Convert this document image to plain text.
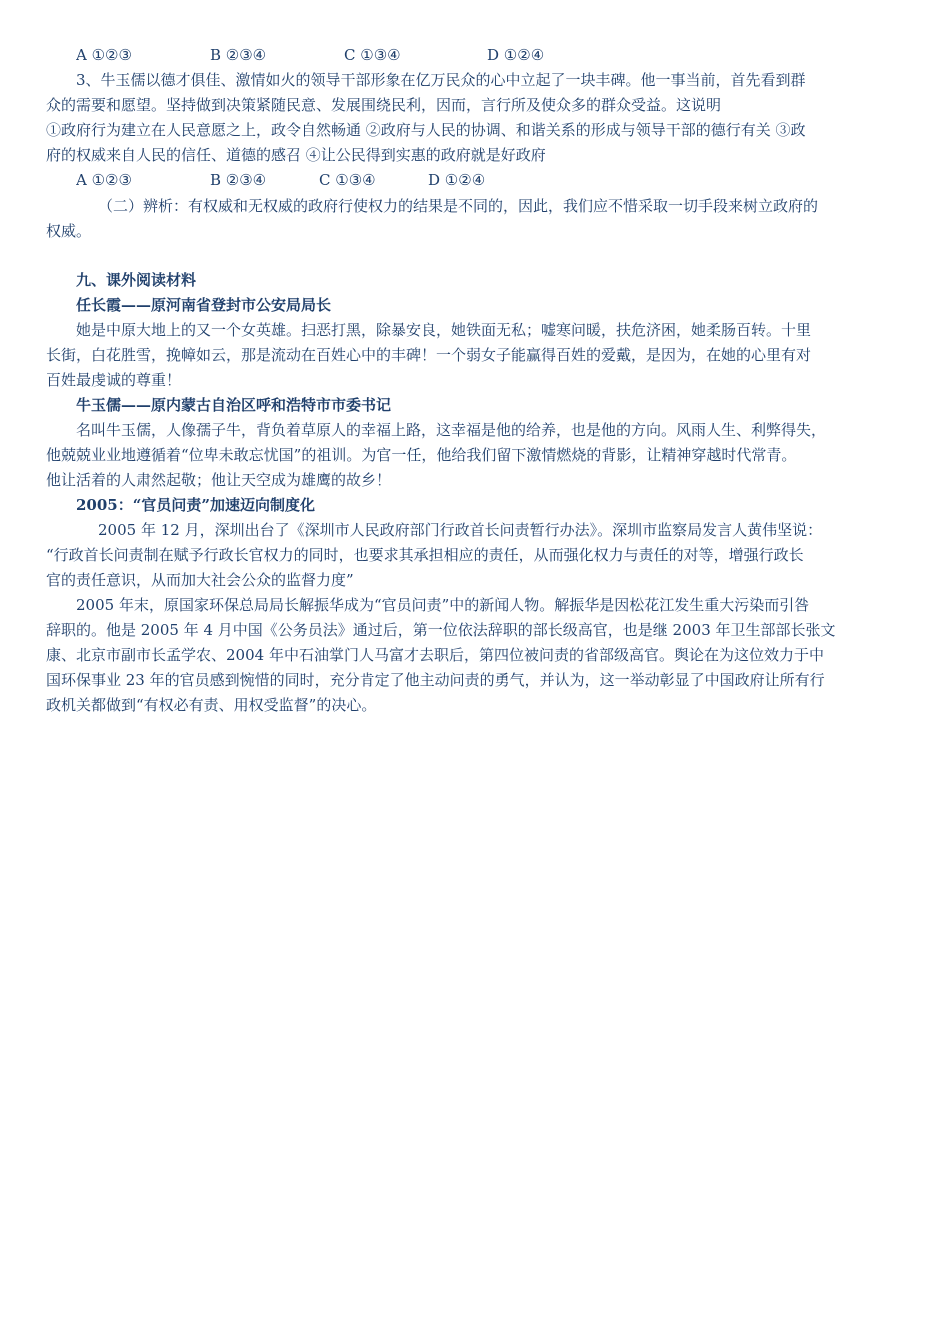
A ①②③	B ②③④	C ①③④	D ①②④
3、牛玉儒以德才俱佳、激情如火的领导干部形象在亿万民众的心中立起了一块丰碑。他一事当前，首先看到群
众的需要和愿望。坚持做到决策紧随民意、发展围绕民利，因而，言行所及使众多的群众受益。这说明
①政府行为建立在人民意愿之上，政令自然畅通 ②政府与人民的协调、和谐关系的形成与领导干部的德行有关 ③政
府的权威来自人民的信任、道德的感召 ④让公民得到实惠的政府就是好政府
A ①②③	B ②③④	C ①③④	D ①②④
（二）辨析：有权威和无权威的政府行使权力的结果是不同的，因此，我们应不惜采取一切手段来树立政府的
权威。
九、课外阅读材料
任长霞——原河南省登封市公安局局长
她是中原大地上的又一个女英雄。扫恶打黑，除暴安良，她铁面无私；嘘寒问暖，扶危济困，她柔肠百转。十里
长街，白花胜雪，挽幛如云，那是流动在百姓心中的丰碑！一个弱女子能赢得百姓的爱戴，是因为，在她的心里有对
百姓最虔诚的尊重！
牛玉儒——原内蒙古自治区呼和浩特市市委书记
名叫牛玉儒，人像孺子牛，背负着草原人的幸福上路，这幸福是他的给养，也是他的方向。风雨人生、利弊得失，
他兢兢业业地遵循着“位卑未敢忘忧国”的祖训。为官一任，他给我们留下激情燃烧的背影，让精神穿越时代常青。
他让活着的人肃然起敬；他让天空成为雄鹰的故乡！
2005：“官员问责”加速迈向制度化
2005 年 12 月，深圳出台了《深圳市人民政府部门行政首长问责暂行办法》。深圳市监察局发言人黄伟坚说：
“行政首长问责制在赋予行政长官权力的同时，也要求其承担相应的责任，从而强化权力与责任的对等，增强行政长
官的责任意识，从而加大社会公众的监督力度”
2005 年末，原国家环保总局局长解振华成为“官员问责”中的新闻人物。解振华是因松花江发生重大污染而引咎
辞职的。他是 2005 年 4 月中国《公务员法》通过后，第一位依法辞职的部长级高官，也是继 2003 年卫生部部长张文
康、北京市副市长孟学农、2004 年中石油掌门人马富才去职后，第四位被问责的省部级高官。舆论在为这位效力于中
国环保事业 23 年的官员感到惋惜的同时，充分肯定了他主动问责的勇气，并认为，这一举动彰显了中国政府让所有行
政机关都做到“有权必有责、用权受监督”的决心。
